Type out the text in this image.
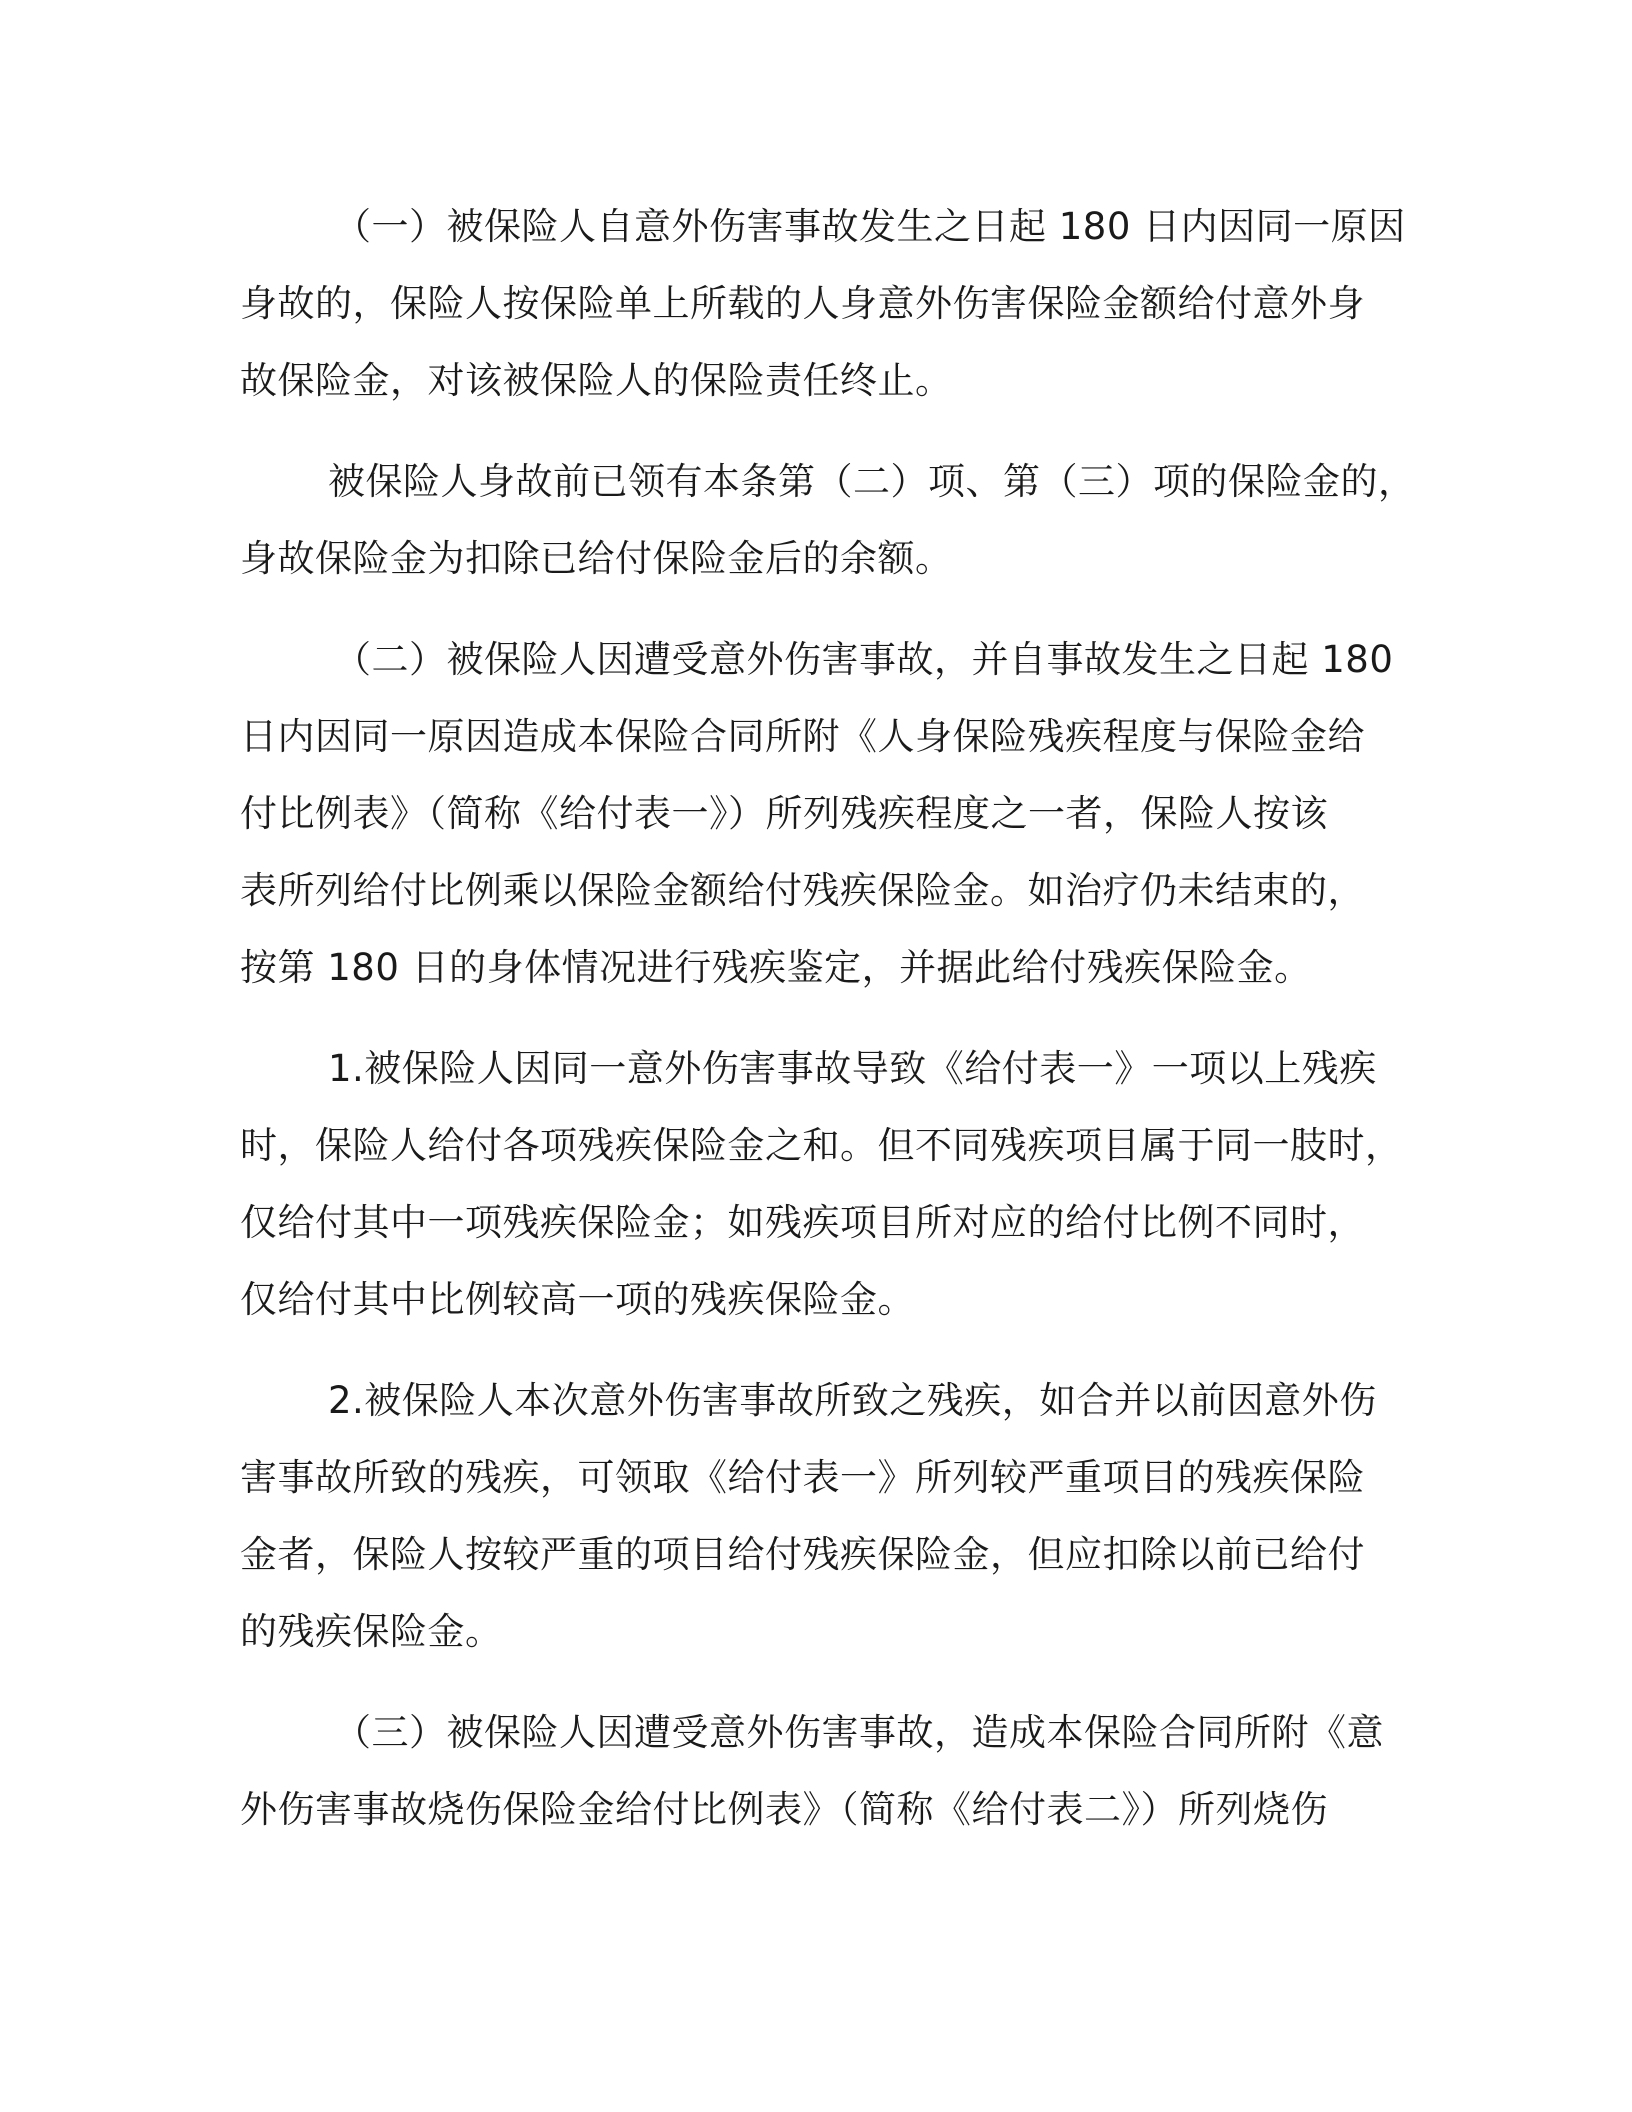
（一）被保险人自意外伤害事故发生之日起 180 日内因同一原因
身故的，保险人按保险单上所载的人身意外伤害保险金额给付意外身
故保险金，对该被保险人的保险责任终止。

被保险人身故前已领有本条第（二）项、第（三）项的保险金的，
身故保险金为扣除已给付保险金后的余额。

（二）被保险人因遭受意外伤害事故，并自事故发生之日起 180
日内因同一原因造成本保险合同所附《人身保险残疾程度与保险金给
付比例表》（简称《给付表一》）所列残疾程度之一者，保险人按该
表所列给付比例乘以保险金额给付残疾保险金。如治疗仍未结束的，
按第 180 日的身体情况进行残疾鉴定，并据此给付残疾保险金。

1.被保险人因同一意外伤害事故导致《给付表一》一项以上残疾
时，保险人给付各项残疾保险金之和。但不同残疾项目属于同一肢时，
仅给付其中一项残疾保险金；如残疾项目所对应的给付比例不同时，
仅给付其中比例较高一项的残疾保险金。

2.被保险人本次意外伤害事故所致之残疾，如合并以前因意外伤
害事故所致的残疾，可领取《给付表一》所列较严重项目的残疾保险
金者，保险人按较严重的项目给付残疾保险金，但应扣除以前已给付
的残疾保险金。

（三）被保险人因遭受意外伤害事故，造成本保险合同所附《意
外伤害事故烧伤保险金给付比例表》（简称《给付表二》）所列烧伤
